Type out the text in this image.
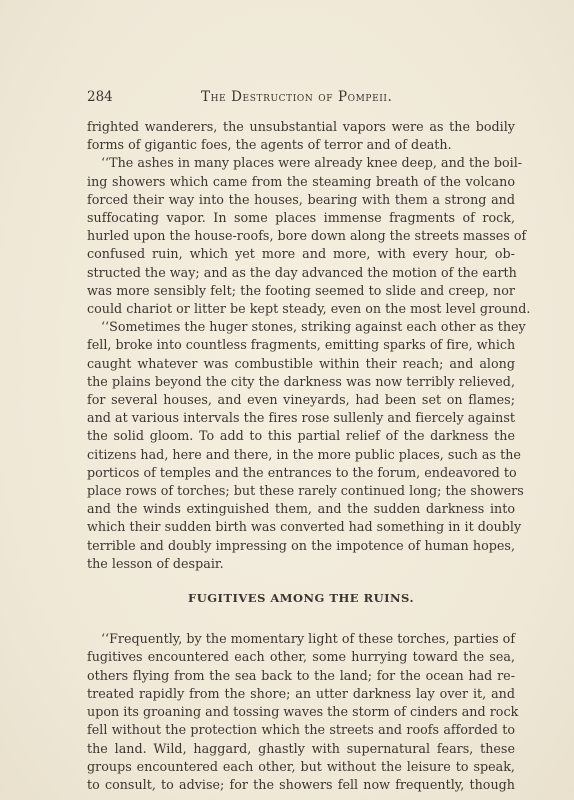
284	The Destruction of Pompeii.
frighted wanderers, the unsubstantial vapors were as the bodily
forms of gigantic foes, the agents of terror and of death.
‘‘The ashes in many places were already knee deep, and the boil-
ing showers which came from the steaming breath of the volcano
forced their way into the houses, bearing with them a strong and
suffocating vapor. In some places immense fragments of rock,
hurled upon the house-roofs, bore down along the streets masses of
confused ruin, which yet more and more, with every hour, ob-
structed the way; and as the day advanced the motion of the earth
was more sensibly felt; the footing seemed to slide and creep, nor
could chariot or litter be kept steady, even on the most level ground.
‘‘Sometimes the huger stones, striking against each other as they
fell, broke into countless fragments, emitting sparks of fire, which
caught whatever was combustible within their reach; and along
the plains beyond the city the darkness was now terribly relieved,
for several houses, and even vineyards, had been set on flames;
and at various intervals the fires rose sullenly and fiercely against
the solid gloom. To add to this partial relief of the darkness the
citizens had, here and there, in the more public places, such as the
porticos of temples and the entrances to the forum, endeavored to
place rows of torches; but these rarely continued long; the showers
and the winds extinguished them, and the sudden darkness into
which their sudden birth was converted had something in it doubly
terrible and doubly impressing on the impotence of human hopes,
the lesson of despair.
FUGITIVES AMONG THE RUINS.
‘‘Frequently, by the momentary light of these torches, parties of
fugitives encountered each other, some hurrying toward the sea,
others flying from the sea back to the land; for the ocean had re-
treated rapidly from the shore; an utter darkness lay over it, and
upon its groaning and tossing waves the storm of cinders and rock
fell without the protection which the streets and roofs afforded to
the land. Wild, haggard, ghastly with supernatural fears, these
groups encountered each other, but without the leisure to speak,
to consult, to advise; for the showers fell now frequently, though
